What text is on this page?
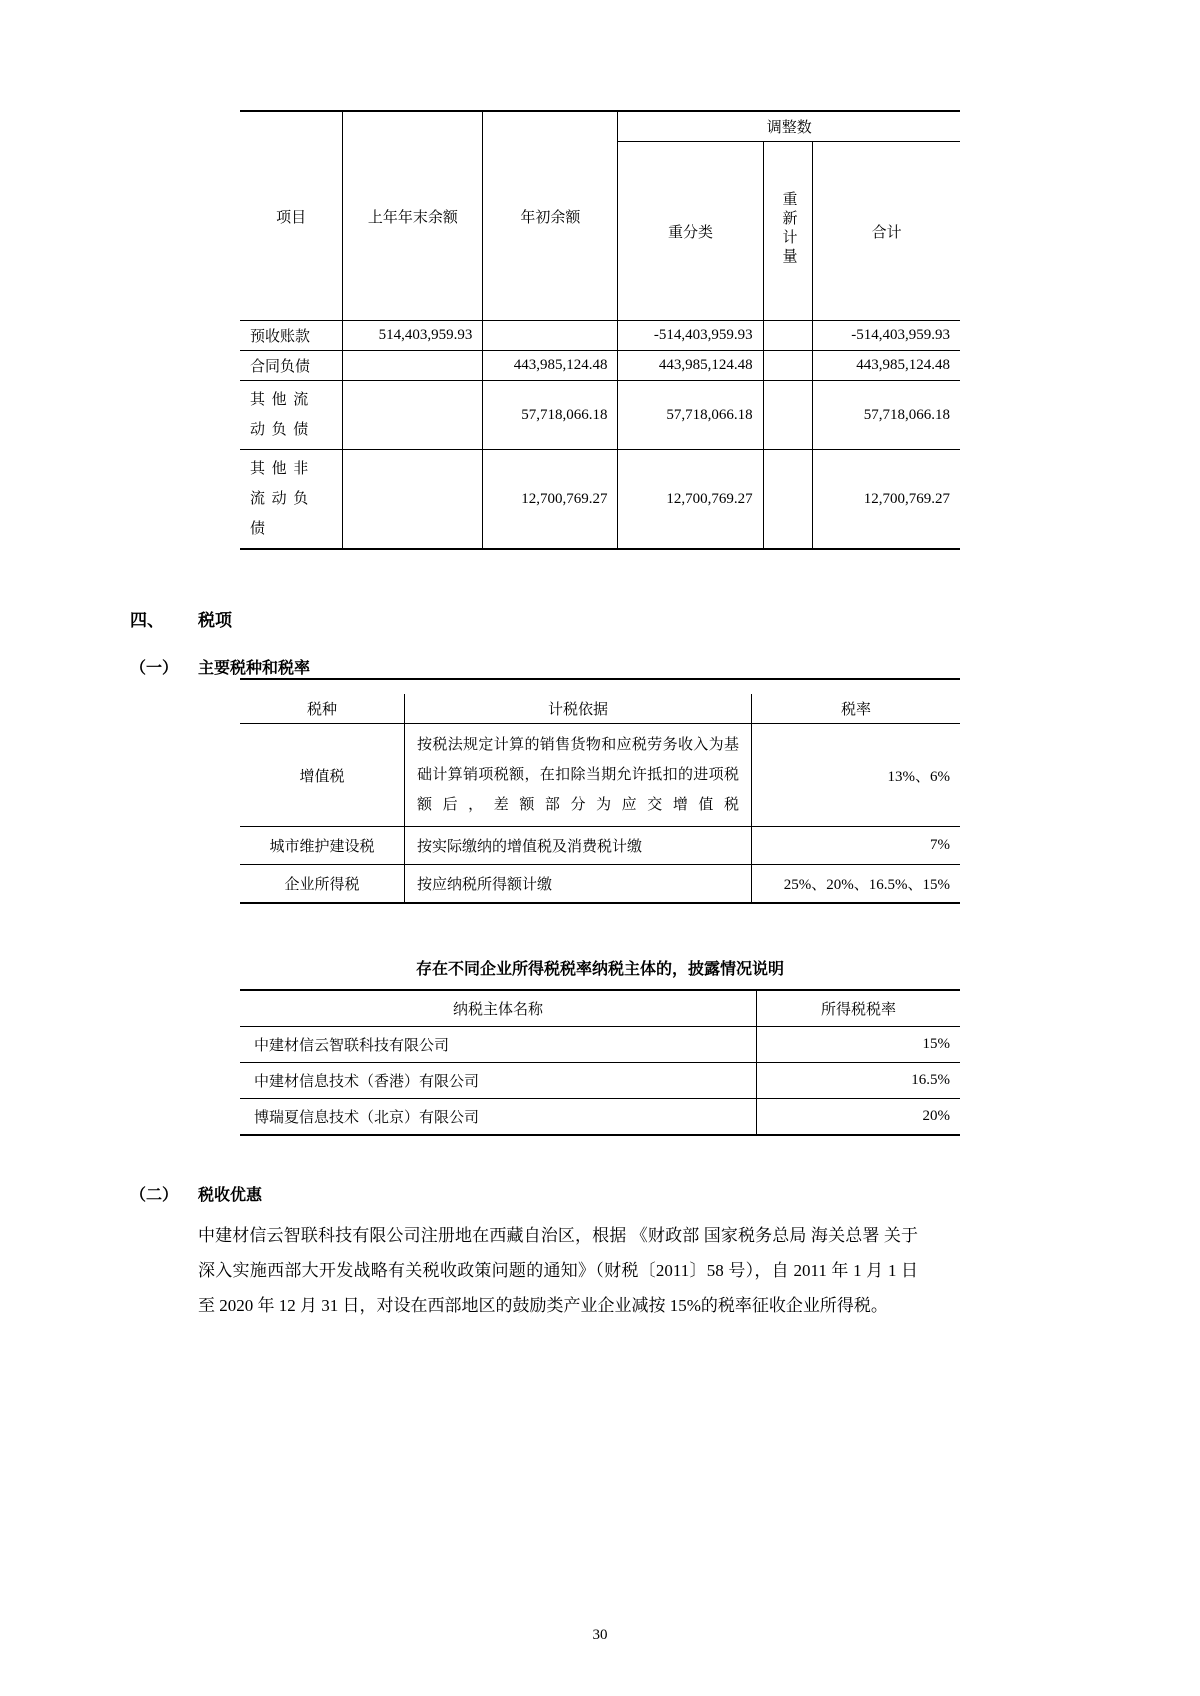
项目	上年年末余额	年初余额	调整数		
			重分类	重新计量	合计
预收账款	514,403,959.93		-514,403,959.93		-514,403,959.93
合同负债		443,985,124.48	443,985,124.48		443,985,124.48
其他流动负债		57,718,066.18	57,718,066.18		57,718,066.18
其他非流动负债		12,700,769.27	12,700,769.27		12,700,769.27
四、	税项
（一）	主要税种和税率
税种	计税依据	税率
增值税	按税法规定计算的销售货物和应税劳务收入为基础计算销项税额，在扣除当期允许抵扣的进项税额后，差额部分为应交增值税	13%、6%
城市维护建设税	按实际缴纳的增值税及消费税计缴	7%
企业所得税	按应纳税所得额计缴	25%、20%、16.5%、15%
存在不同企业所得税税率纳税主体的，披露情况说明
纳税主体名称	所得税税率
中建材信云智联科技有限公司	15%
中建材信息技术（香港）有限公司	16.5%
博瑞夏信息技术（北京）有限公司	20%
（二）	税收优惠
中建材信云智联科技有限公司注册地在西藏自治区，根据 《财政部 国家税务总局 海关总署 关于深入实施西部大开发战略有关税收政策问题的通知》（财税〔2011〕58 号），自 2011 年 1 月 1 日至 2020 年 12 月 31 日，对设在西部地区的鼓励类产业企业减按 15%的税率征收企业所得税。
30
